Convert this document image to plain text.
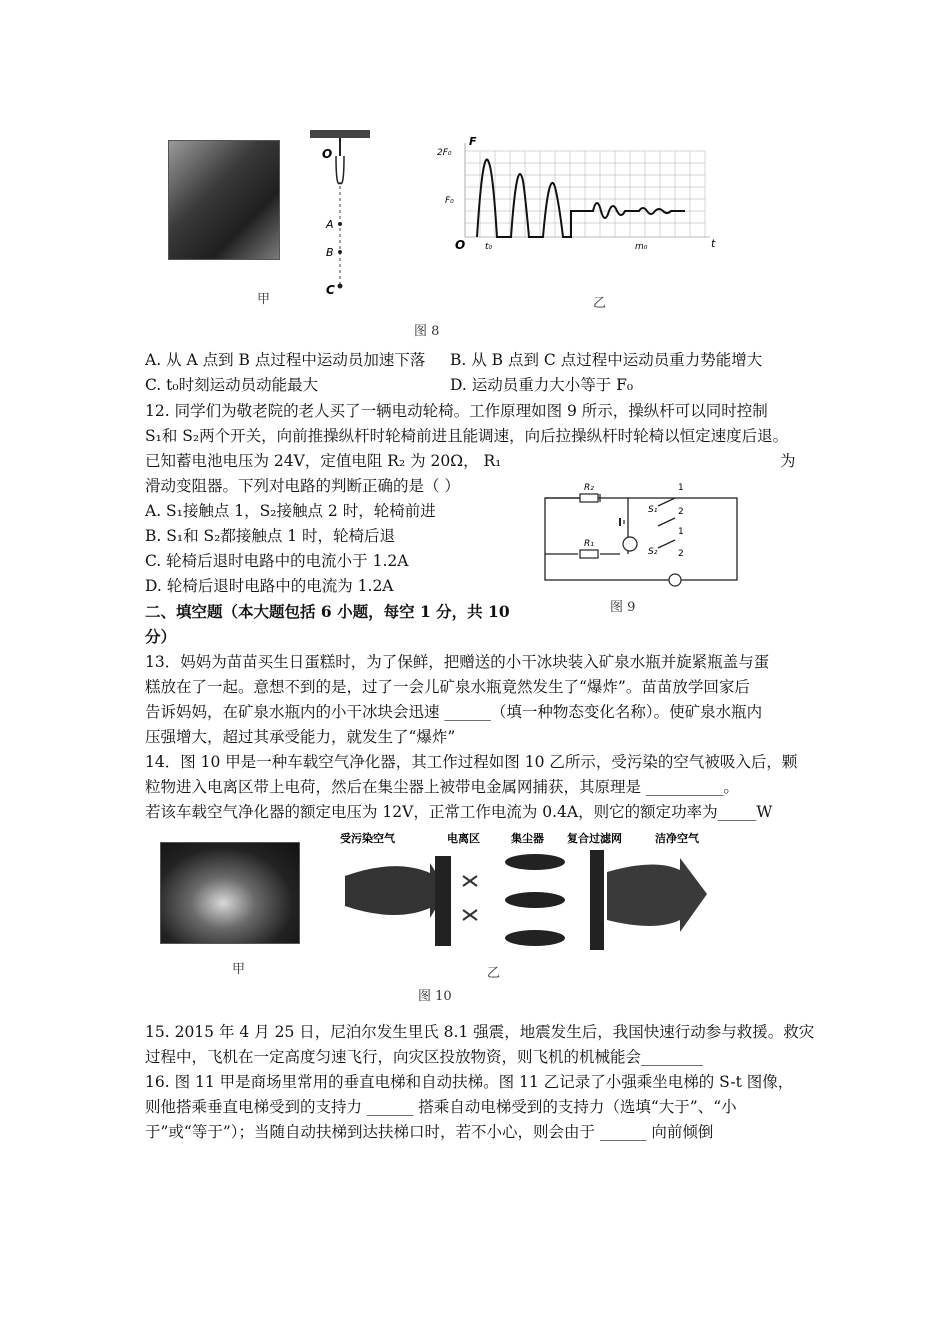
甲
O
A
B
C
F
2F₀
F₀
O t₀	m₀	t
乙
图 8
A. 从 A 点到 B 点过程中运动员加速下落 B. 从 B 点到 C 点过程中运动员重力势能增大
C. t₀时刻运动员动能最大	D. 运动员重力大小等于 F₀
12. 同学们为敬老院的老人买了一辆电动轮椅。工作原理如图 9 所示，操纵杆可以同时控制
S₁和 S₂两个开关，向前推操纵杆时轮椅前进且能调速，向后拉操纵杆时轮椅以恒定速度后退。
已知蓄电池电压为 24V，定值电阻 R₂ 为 20Ω， R₁	为
滑动变阻器。下列对电路的判断正确的是（ ）
A. S₁接触点 1，S₂接触点 2 时，轮椅前进
B. S₁和 S₂都接触点 1 时，轮椅后退
C. 轮椅后退时电路中的电流小于 1.2A
D. 轮椅后退时电路中的电流为 1.2A
R₂
R₁
S₁
S₂
1
2
1
2
图 9
二、填空题（本大题包括 6 小题，每空 1 分，共 10
分）
13．妈妈为苗苗买生日蛋糕时，为了保鲜，把赠送的小干冰块装入矿泉水瓶并旋紧瓶盖与蛋
糕放在了一起。意想不到的是，过了一会儿矿泉水瓶竟然发生了“爆炸”。苗苗放学回家后
告诉妈妈，在矿泉水瓶内的小干冰块会迅速 ______（填一种物态变化名称）。使矿泉水瓶内
压强增大，超过其承受能力，就发生了“爆炸”
14．图 10 甲是一种车载空气净化器，其工作过程如图 10 乙所示，受污染的空气被吸入后，颗
粒物进入电离区带上电荷，然后在集尘器上被带电金属网捕获，其原理是 __________。
若该车载空气净化器的额定电压为 12V，正常工作电流为 0.4A，则它的额定功率为_____W
甲
受污染空气	电离区	集尘器 复合过滤网	洁净空气
乙
图 10
15. 2015 年 4 月 25 日，尼泊尔发生里氏 8.1 强震，地震发生后，我国快速行动参与救援。救灾
过程中，飞机在一定高度匀速飞行，向灾区投放物资，则飞机的机械能会________
16. 图 11 甲是商场里常用的垂直电梯和自动扶梯。图 11 乙记录了小强乘坐电梯的 S-t 图像，
则他搭乘垂直电梯受到的支持力 ______ 搭乘自动电梯受到的支持力（选填“大于”、“小
于”或“等于”）；当随自动扶梯到达扶梯口时，若不小心，则会由于 ______ 向前倾倒
